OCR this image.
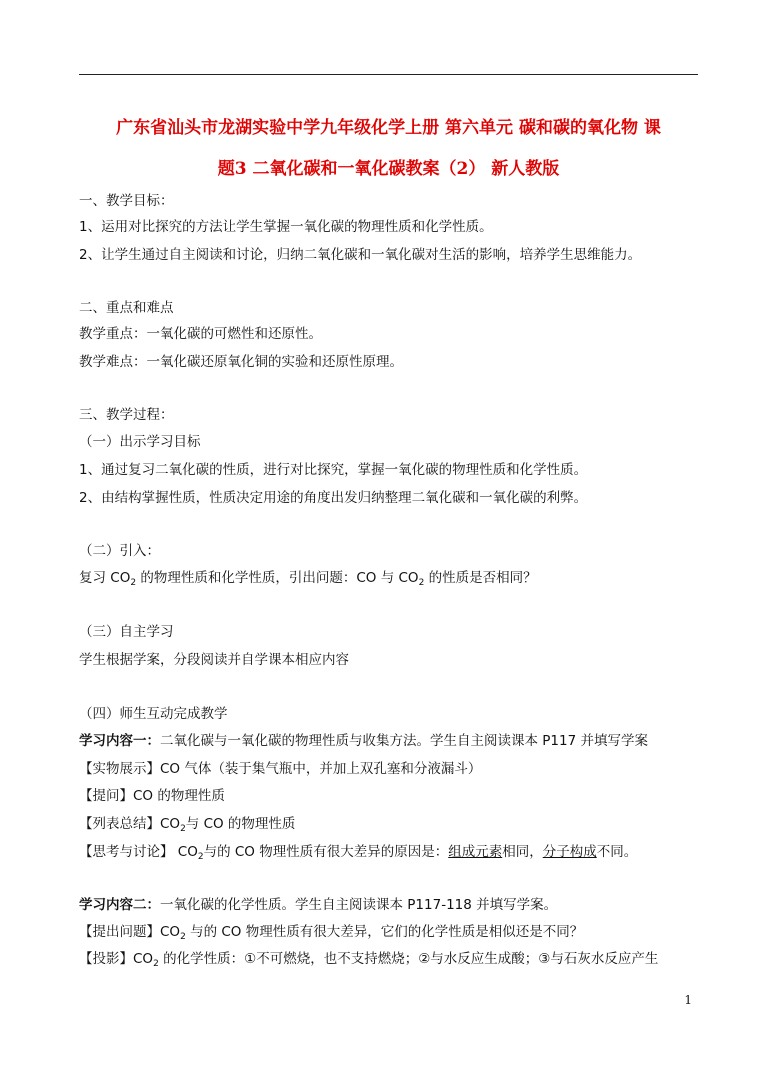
广东省汕头市龙湖实验中学九年级化学上册 第六单元 碳和碳的氧化物 课
题3 二氧化碳和一氧化碳教案（2） 新人教版
一、教学目标：
1、运用对比探究的方法让学生掌握一氧化碳的物理性质和化学性质。
2、让学生通过自主阅读和讨论，归纳二氧化碳和一氧化碳对生活的影响，培养学生思维能力。
二、重点和难点
教学重点：一氧化碳的可燃性和还原性。
教学难点：一氧化碳还原氧化铜的实验和还原性原理。
三、教学过程：
（一）出示学习目标
1、通过复习二氧化碳的性质，进行对比探究，掌握一氧化碳的物理性质和化学性质。
2、由结构掌握性质，性质决定用途的角度出发归纳整理二氧化碳和一氧化碳的利弊。
（二）引入：
复习 $CO_2$ 的物理性质和化学性质，引出问题：CO 与 $CO_2$ 的性质是否相同？
（三）自主学习
学生根据学案，分段阅读并自学课本相应内容
（四）师生互动完成教学
学习内容一：二氧化碳与一氧化碳的物理性质与收集方法。学生自主阅读课本 P117 并填写学案
【实物展示】CO 气体（装于集气瓶中，并加上双孔塞和分液漏斗）
【提问】CO 的物理性质
【列表总结】$CO_2$与 CO 的物理性质
【思考与讨论】 $CO_2$与的 CO 物理性质有很大差异的原因是：组成元素相同，分子构成不同。
学习内容二：一氧化碳的化学性质。学生自主阅读课本 P117-118 并填写学案。
【提出问题】$CO_2$ 与的 CO 物理性质有很大差异，它们的化学性质是相似还是不同？
【投影】$CO_2$ 的化学性质：①不可燃烧，也不支持燃烧；②与水反应生成酸；③与石灰水反应产生
1
